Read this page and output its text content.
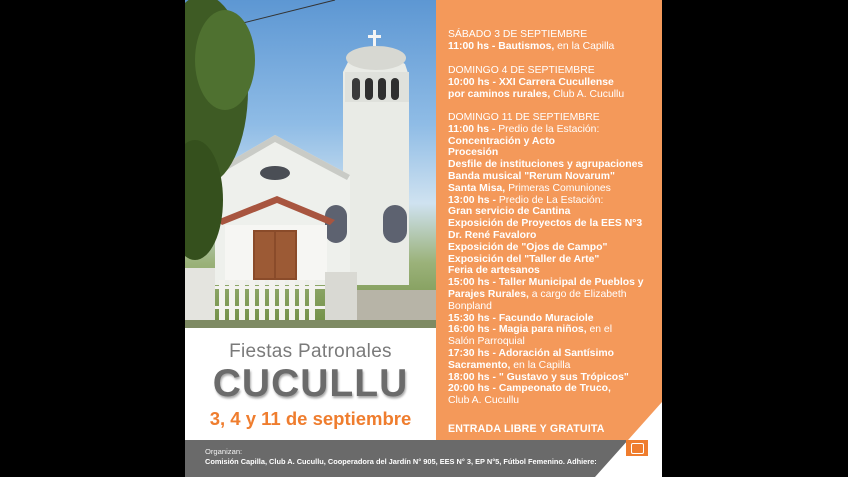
Fiestas Patronales
CUCULLU
3, 4 y 11 de septiembre
SÁBADO 3 DE SEPTIEMBRE
11:00 hs - Bautismos, en la Capilla
DOMINGO 4 DE SEPTIEMBRE
10:00 hs - XXI Carrera Cucullense
por caminos rurales, Club A. Cucullu
DOMINGO 11 DE SEPTIEMBRE
11:00 hs - Predio de la Estación:
Concentración y Acto
Procesión
Desfile de instituciones y agrupaciones
Banda musical "Rerum Novarum"
Santa Misa, Primeras Comuniones
13:00 hs - Predio de La Estación:
Gran servicio de Cantina
Exposición de Proyectos de la EES N°3
Dr. René Favaloro
Exposición de "Ojos de Campo"
Exposición del "Taller de Arte"
Feria de artesanos
15:00 hs - Taller Municipal de Pueblos y
Parajes Rurales, a cargo de Elizabeth
Bonpland
15:30 hs - Facundo Muraciole
16:00 hs - Magia para niños, en el
Salón Parroquial
17:30 hs - Adoración al Santísimo
Sacramento, en la Capilla
18:00 hs - " Gustavo y sus Trópicos"
20:00 hs - Campeonato de Truco,
Club A. Cucullu
ENTRADA LIBRE Y GRATUITA
Organizan:
Comisión Capilla, Club A. Cucullu, Cooperadora del Jardín N° 905, EES N° 3, EP N°5, Fútbol Femenino. Adhiere:
